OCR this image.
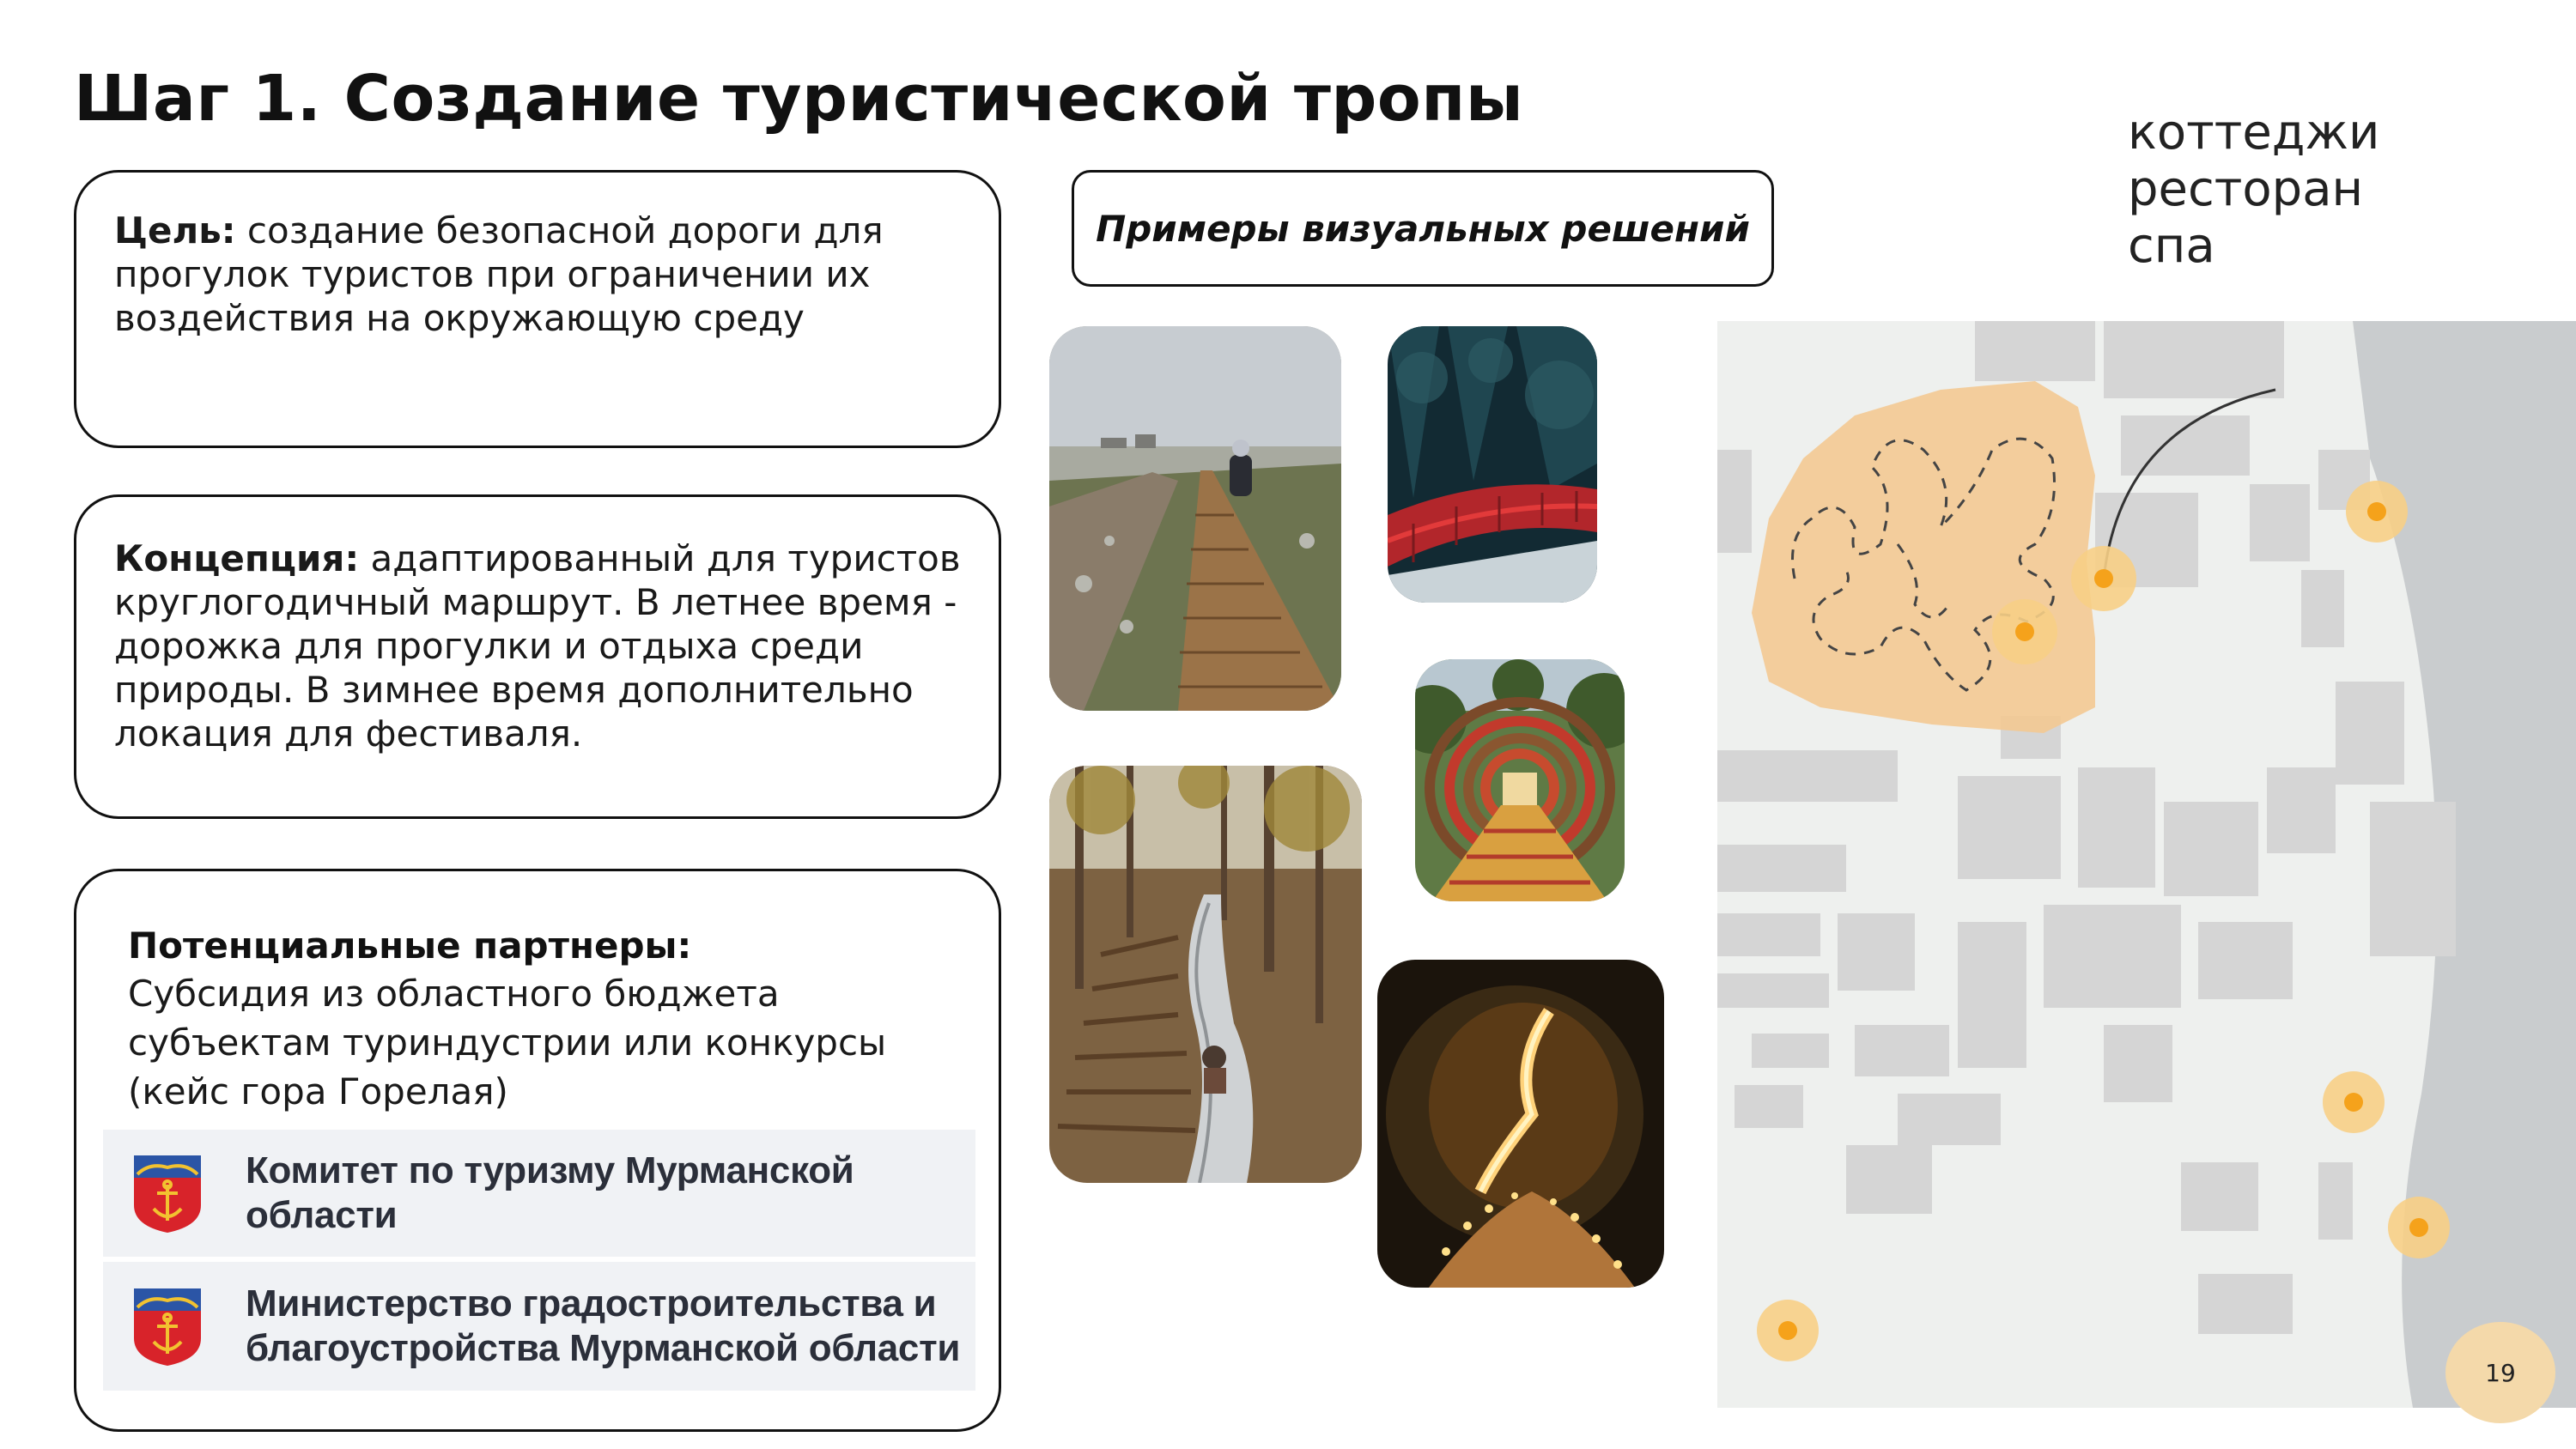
Шаг 1. Создание туристической тропы

Цель: создание безопасной дороги для прогулок туристов при ограничении их воздействия на окружающую среду

Концепция: адаптированный для туристов круглогодичный маршрут. В летнее время - дорожка для прогулки и отдыха среди природы. В зимнее время дополнительно локация для фестиваля.

Потенциальные партнеры:
Субсидия из областного бюджета субъектам туриндустрии или конкурсы (кейс гора Горелая)
Комитет по туризму Мурманской области
Министерство градостроительства и
благоустройства Мурманской области
Примеры визуальных решений
коттеджи
ресторан
спа
19
